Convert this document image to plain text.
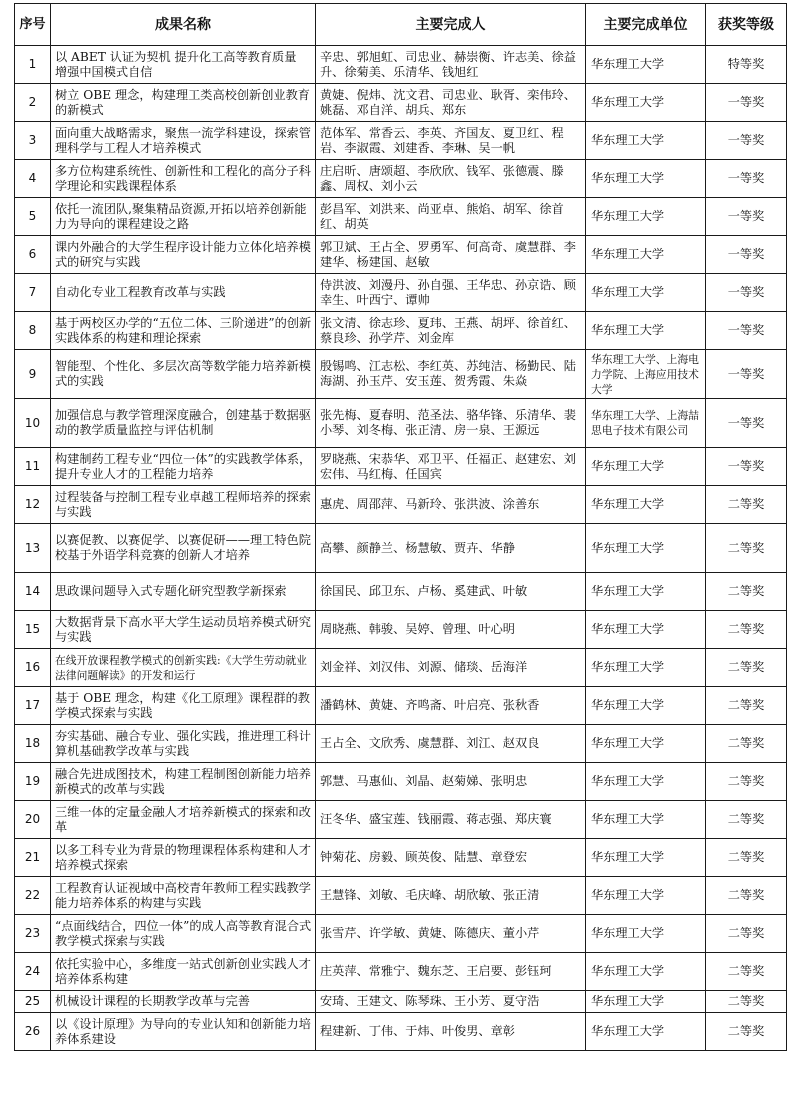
序号	成果名称	主要完成人	主要完成单位	获奖等级
1	以 ABET 认证为契机 提升化工高等教育质量 增强中国模式自信	辛忠、郭旭虹、司忠业、赫崇衡、许志美、徐益升、徐菊美、乐清华、钱旭红	华东理工大学	特等奖
2	树立 OBE 理念，构建理工类高校创新创业教育的新模式	黄婕、倪炜、沈文君、司忠业、耿胥、栾伟玲、姚磊、邓自洋、胡兵、郑东	华东理工大学	一等奖
3	面向重大战略需求，聚焦一流学科建设，探索管理科学与工程人才培养模式	范体军、常香云、李英、齐国友、夏卫红、程岩、李淑霞、刘建香、李琳、吴一帆	华东理工大学	一等奖
4	多方位构建系统性、创新性和工程化的高分子科学理论和实践课程体系	庄启昕、唐颂超、李欣欣、钱军、张德震、滕鑫、周权、刘小云	华东理工大学	一等奖
5	依托一流团队,聚集精品资源,开拓以培养创新能力为导向的课程建设之路	彭昌军、刘洪来、尚亚卓、熊焰、胡军、徐首红、胡英	华东理工大学	一等奖
6	课内外融合的大学生程序设计能力立体化培养模式的研究与实践	郭卫斌、王占全、罗勇军、何高奇、虞慧群、李建华、杨建国、赵敏	华东理工大学	一等奖
7	自动化专业工程教育改革与实践	侍洪波、刘漫丹、孙自强、王华忠、孙京诰、顾幸生、叶西宁、谭帅	华东理工大学	一等奖
8	基于两校区办学的“五位二体、三阶递进”的创新实践体系的构建和理论探索	张文清、徐志珍、夏玮、王燕、胡坪、徐首红、蔡良珍、孙学芹、刘金库	华东理工大学	一等奖
9	智能型、个性化、多层次高等数学能力培养新模式的实践	殷锡鸣、江志松、李红英、苏纯洁、杨勤民、陆海湖、孙玉芹、安玉莲、贺秀霞、朱焱	华东理工大学、上海电力学院、上海应用技术大学	一等奖
10	加强信息与教学管理深度融合，创建基于数据驱动的教学质量监控与评估机制	张先梅、夏春明、范圣法、骆华锋、乐清华、裴小琴、刘冬梅、张正清、房一泉、王源远	华东理工大学、上海喆思电子技术有限公司	一等奖
11	构建制药工程专业“四位一体”的实践教学体系，提升专业人才的工程能力培养	罗晓燕、宋恭华、邓卫平、任福正、赵建宏、刘宏伟、马红梅、任国宾	华东理工大学	一等奖
12	过程装备与控制工程专业卓越工程师培养的探索与实践	惠虎、周邵萍、马新玲、张洪波、涂善东	华东理工大学	二等奖
13	以赛促教、以赛促学、以赛促研——理工特色院校基于外语学科竞赛的创新人才培养	高攀、颜静兰、杨慧敏、贾卉、华静	华东理工大学	二等奖
14	思政课问题导入式专题化研究型教学新探索	徐国民、邱卫东、卢杨、奚建武、叶敏	华东理工大学	二等奖
15	大数据背景下高水平大学生运动员培养模式研究与实践	周晓燕、韩骏、吴婷、曾理、叶心明	华东理工大学	二等奖
16	在线开放课程教学模式的创新实践:《大学生劳动就业法律问题解读》的开发和运行	刘金祥、刘汉伟、刘源、储琰、岳海洋	华东理工大学	二等奖
17	基于 OBE 理念，构建《化工原理》课程群的教学模式探索与实践	潘鹤林、黄婕、齐鸣斋、叶启亮、张秋香	华东理工大学	二等奖
18	夯实基础、融合专业、强化实践，推进理工科计算机基础教学改革与实践	王占全、文欣秀、虞慧群、刘江、赵双良	华东理工大学	二等奖
19	融合先进成图技术，构建工程制图创新能力培养新模式的改革与实践	郭慧、马惠仙、刘晶、赵菊娣、张明忠	华东理工大学	二等奖
20	三维一体的定量金融人才培养新模式的探索和改革	汪冬华、盛宝莲、钱丽霞、蒋志强、郑庆寰	华东理工大学	二等奖
21	以多工科专业为背景的物理课程体系构建和人才培养模式探索	钟菊花、房毅、顾英俊、陆慧、章登宏	华东理工大学	二等奖
22	工程教育认证视域中高校青年教师工程实践教学能力培养体系的构建与实践	王慧锋、刘敏、毛庆峰、胡欣敏、张正清	华东理工大学	二等奖
23	“点面线结合，四位一体”的成人高等教育混合式教学模式探索与实践	张雪芹、许学敏、黄婕、陈德庆、董小芹	华东理工大学	二等奖
24	依托实验中心，多维度一站式创新创业实践人才培养体系构建	庄英萍、常雅宁、魏东芝、王启要、彭钰珂	华东理工大学	二等奖
25	机械设计课程的长期教学改革与完善	安琦、王建文、陈琴珠、王小芳、夏守浩	华东理工大学	二等奖
26	以《设计原理》为导向的专业认知和创新能力培养体系建设	程建新、丁伟、于炜、叶俊男、章彰	华东理工大学	二等奖
